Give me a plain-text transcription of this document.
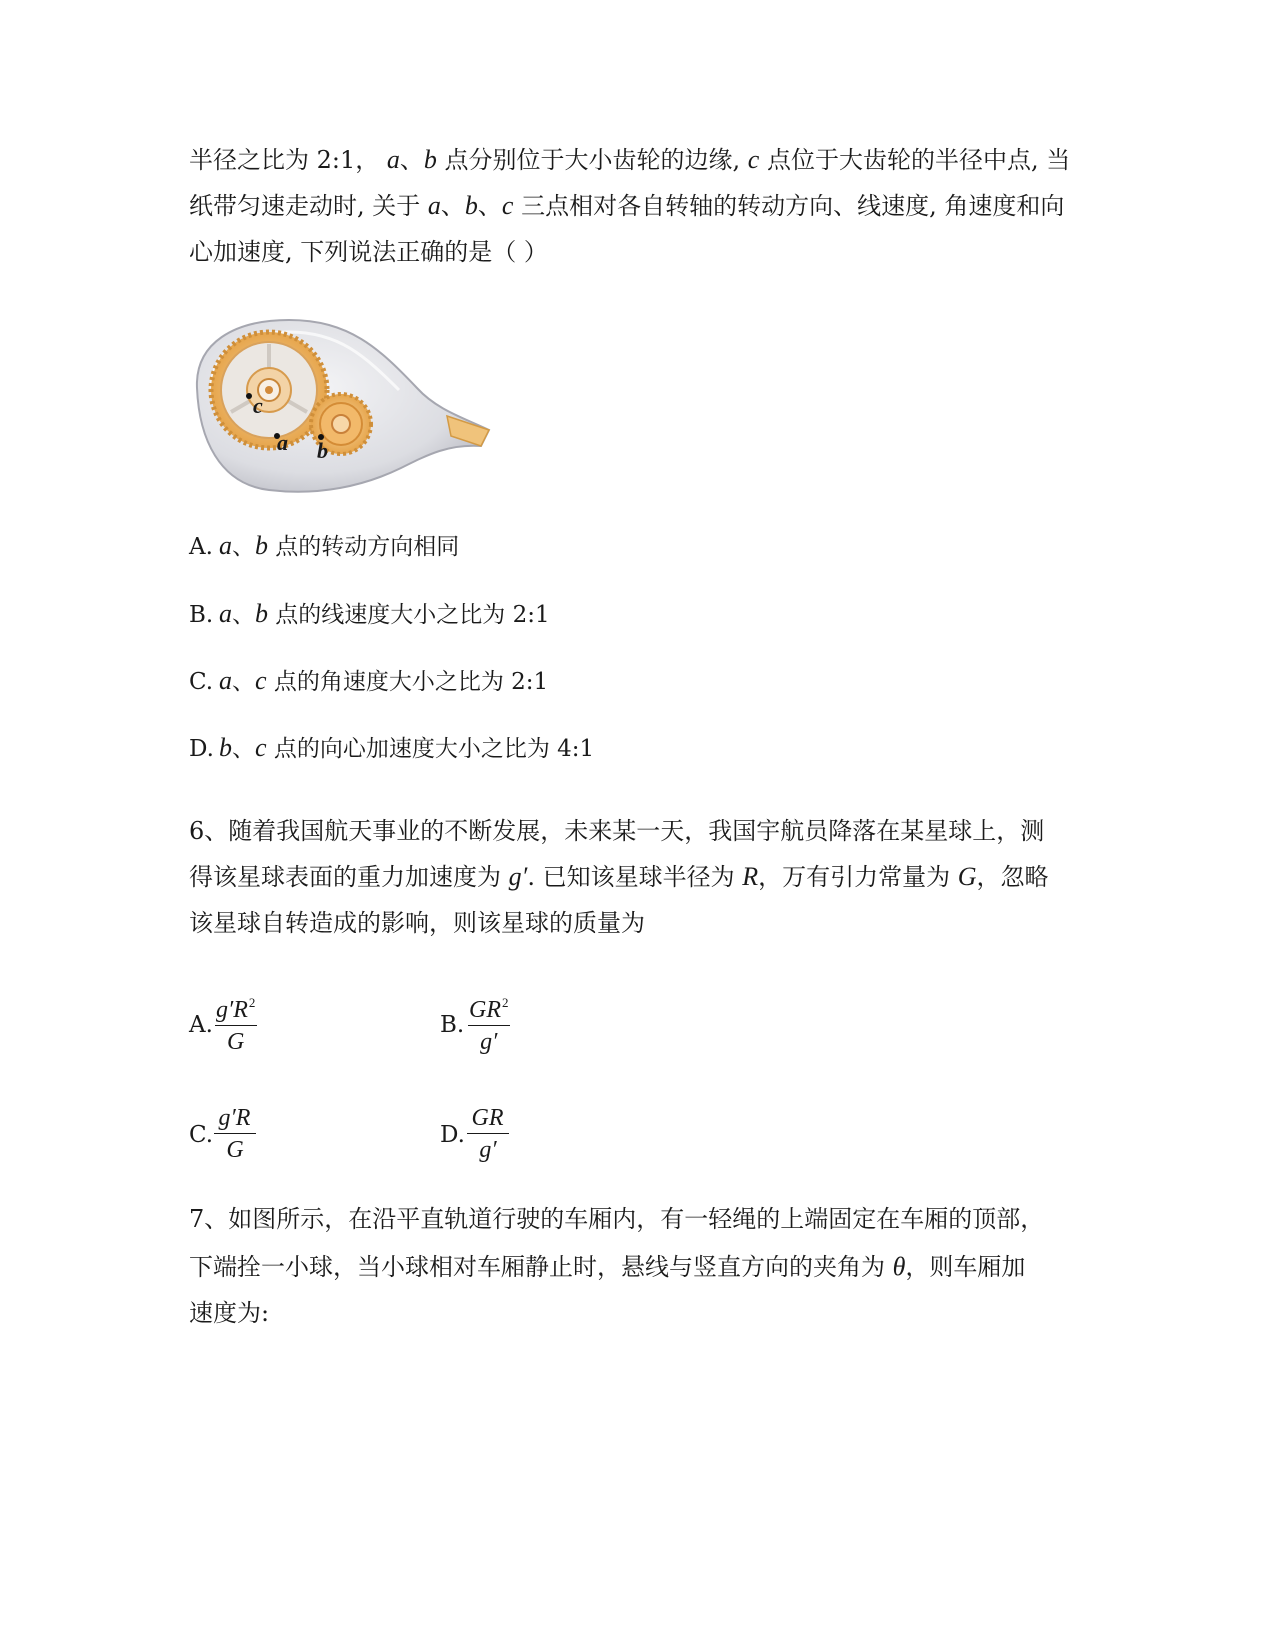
半径之比为 2:1， a、b 点分别位于大小齿轮的边缘, c 点位于大齿轮的半径中点, 当
纸带匀速走动时, 关于 a、b、c 三点相对各自转轴的转动方向、线速度, 角速度和向
心加速度, 下列说法正确的是（ ）
c
a b
A. a、b 点的转动方向相同
B. a、b 点的线速度大小之比为 2:1
C. a、c 点的角速度大小之比为 2:1
D. b、c 点的向心加速度大小之比为 4:1
6、随着我国航天事业的不断发展，未来某一天，我国宇航员降落在某星球上，测
得该星球表面的重力加速度为 g′. 已知该星球半径为 R，万有引力常量为 G，忽略
该星球自转造成的影响，则该星球的质量为
A. $\frac{g'R^2}{G}$	B. $\frac{GR^2}{g'}$
C. $\frac{g'R}{G}$	D. $\frac{GR}{g'}$
7、如图所示，在沿平直轨道行驶的车厢内，有一轻绳的上端固定在车厢的顶部，
下端拴一小球，当小球相对车厢静止时，悬线与竖直方向的夹角为 θ，则车厢加
速度为:
